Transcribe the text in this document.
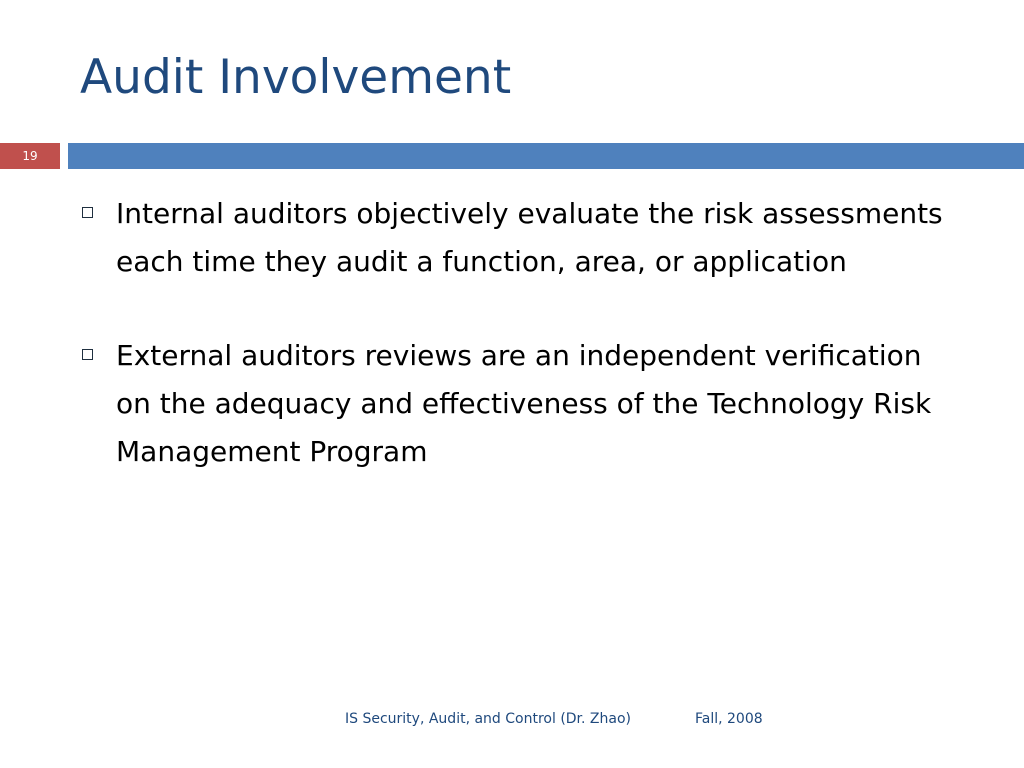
Audit Involvement
19
Internal auditors objectively evaluate the risk assessments each time they audit a function, area, or application
External auditors reviews are an independent verification on the adequacy and effectiveness of the Technology Risk Management Program
IS Security, Audit, and Control (Dr. Zhao)	Fall, 2008
